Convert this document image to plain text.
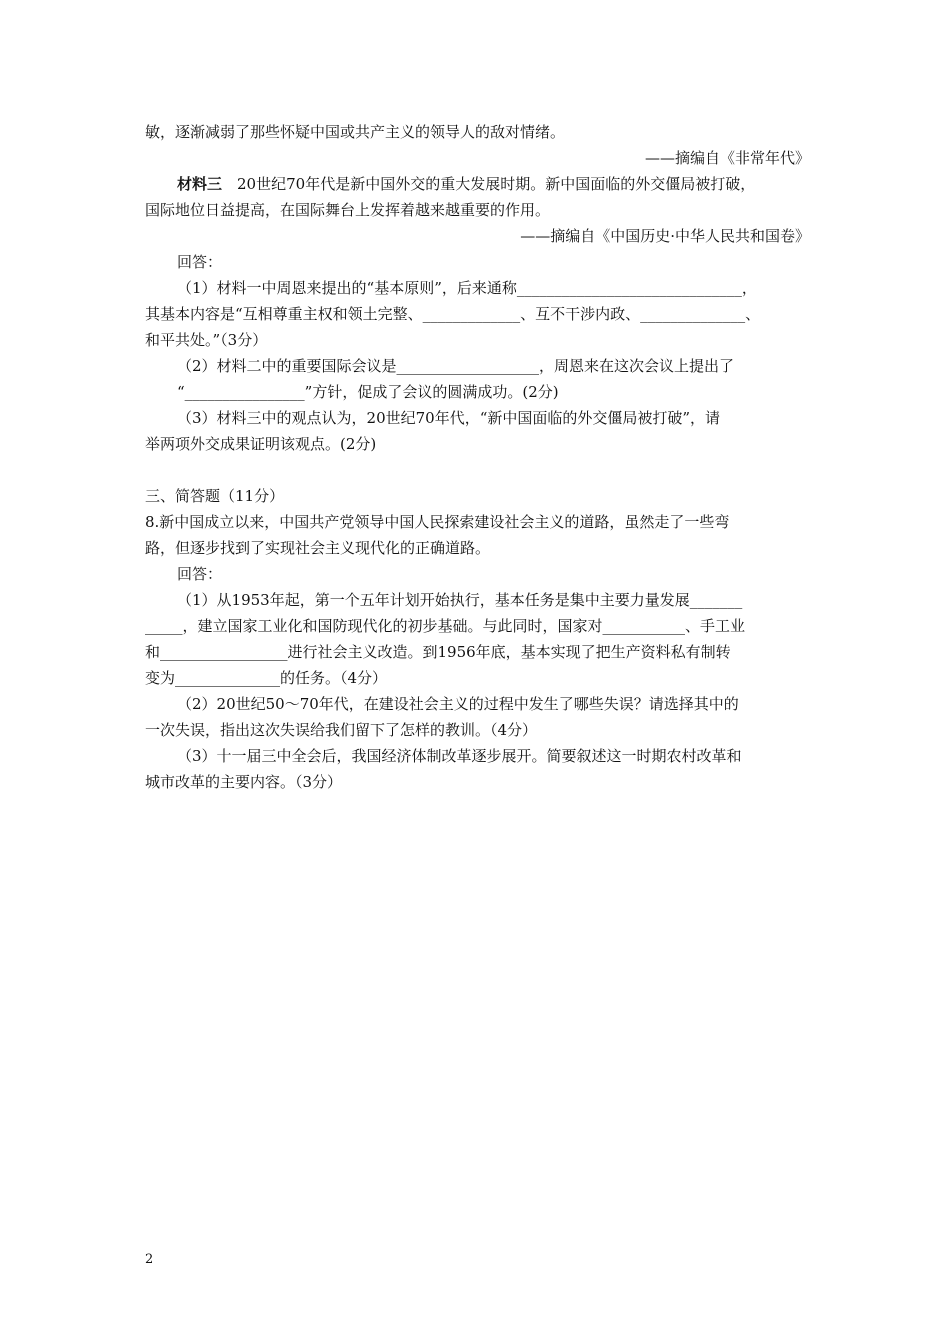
敏，逐渐减弱了那些怀疑中国或共产主义的领导人的敌对情绪。
——摘编自《非常年代》
材料三　20世纪70年代是新中国外交的重大发展时期。新中国面临的外交僵局被打破，
国际地位日益提高，在国际舞台上发挥着越来越重要的作用。
——摘编自《中国历史·中华人民共和国卷》
回答：
（1）材料一中周恩来提出的“基本原则”，后来通称______________________________，
其基本内容是“互相尊重主权和领土完整、_____________、互不干涉内政、______________、
和平共处。”（3分）
（2）材料二中的重要国际会议是___________________，周恩来在这次会议上提出了
“________________”方针，促成了会议的圆满成功。(2分)
（3）材料三中的观点认为，20世纪70年代，“新中国面临的外交僵局被打破”，请
举两项外交成果证明该观点。(2分)
三、简答题（11分）
8.新中国成立以来，中国共产党领导中国人民探索建设社会主义的道路，虽然走了一些弯
路，但逐步找到了实现社会主义现代化的正确道路。
回答：
（1）从1953年起，第一个五年计划开始执行，基本任务是集中主要力量发展_______
_____，建立国家工业化和国防现代化的初步基础。与此同时，国家对___________、手工业
和_________________进行社会主义改造。到1956年底，基本实现了把生产资料私有制转
变为______________的任务。（4分）
（2）20世纪50～70年代，在建设社会主义的过程中发生了哪些失误？请选择其中的
一次失误，指出这次失误给我们留下了怎样的教训。（4分）
（3）十一届三中全会后，我国经济体制改革逐步展开。简要叙述这一时期农村改革和
城市改革的主要内容。（3分）
2
